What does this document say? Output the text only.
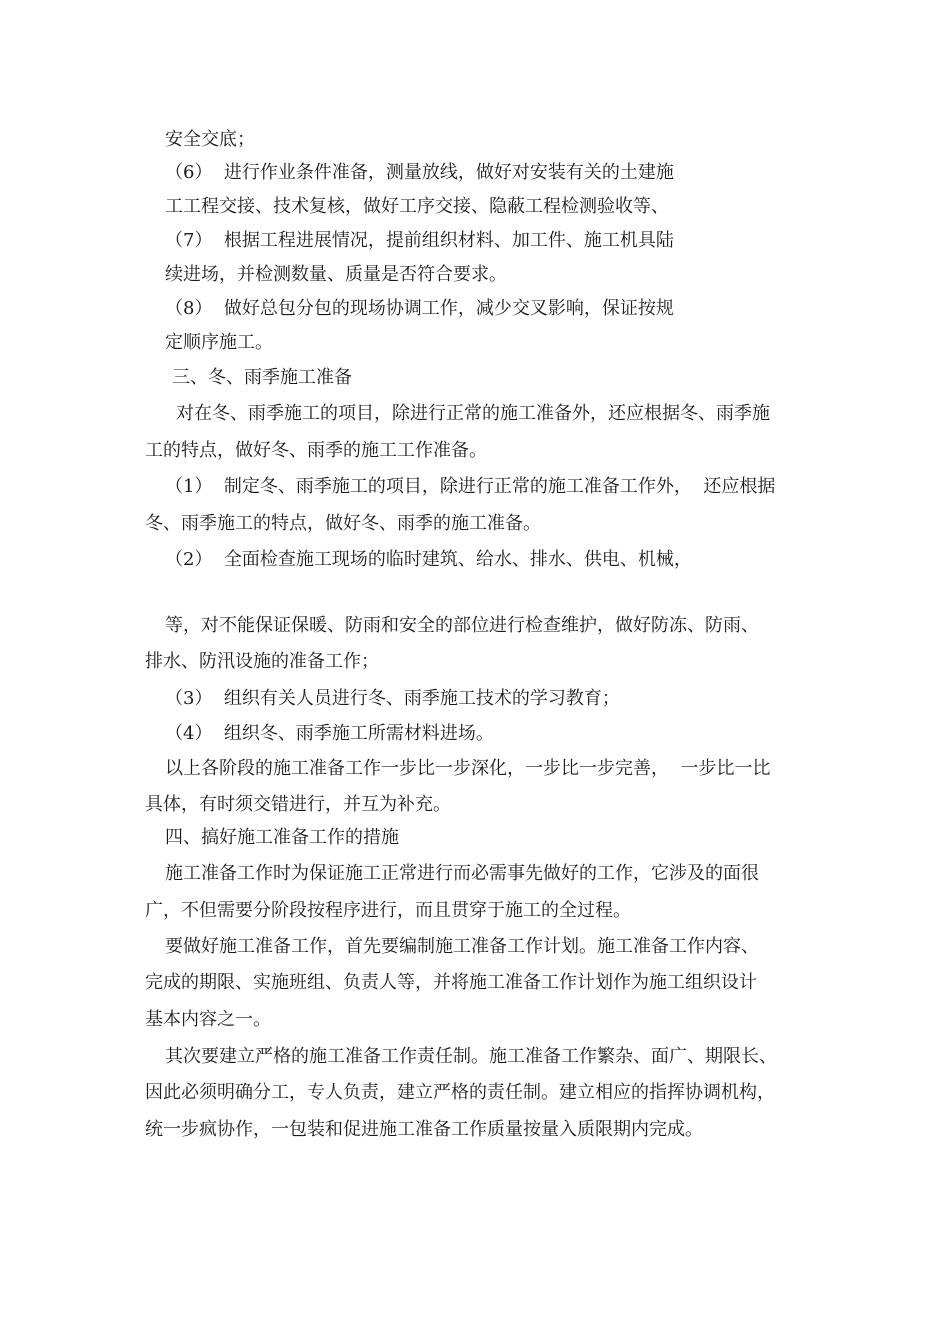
安全交底；
（6）  进行作业条件准备，测量放线，做好对安装有关的土建施
工工程交接、技术复核，做好工序交接、隐蔽工程检测验收等、
（7）  根据工程进展情况，提前组织材料、加工件、施工机具陆
续进场，并检测数量、质量是否符合要求。
（8）  做好总包分包的现场协调工作，减少交叉影响，保证按规
定顺序施工。
三、冬、雨季施工准备
对在冬、雨季施工的项目，除进行正常的施工准备外，还应根据冬、雨季施
工的特点，做好冬、雨季的施工工作准备。
（1）  制定冬、雨季施工的项目，除进行正常的施工准备工作外，  还应根据
冬、雨季施工的特点，做好冬、雨季的施工准备。
（2）  全面检查施工现场的临时建筑、给水、排水、供电、机械，
等，对不能保证保暖、防雨和安全的部位进行检查维护，做好防冻、防雨、
排水、防汛设施的准备工作；
（3）  组织有关人员进行冬、雨季施工技术的学习教育；
（4）  组织冬、雨季施工所需材料进场。
以上各阶段的施工准备工作一步比一步深化，一步比一步完善，  一步比一比
具体，有时须交错进行，并互为补充。
四、搞好施工准备工作的措施
施工准备工作时为保证施工正常进行而必需事先做好的工作，它涉及的面很
广，不但需要分阶段按程序进行，而且贯穿于施工的全过程。
要做好施工准备工作，首先要编制施工准备工作计划。施工准备工作内容、
完成的期限、实施班组、负责人等，并将施工准备工作计划作为施工组织设计
基本内容之一。
其次要建立严格的施工准备工作责任制。施工准备工作繁杂、面广、期限长、
因此必须明确分工，专人负责，建立严格的责任制。建立相应的指挥协调机构，
统一步疯协作，一包装和促进施工准备工作质量按量入质限期内完成。
